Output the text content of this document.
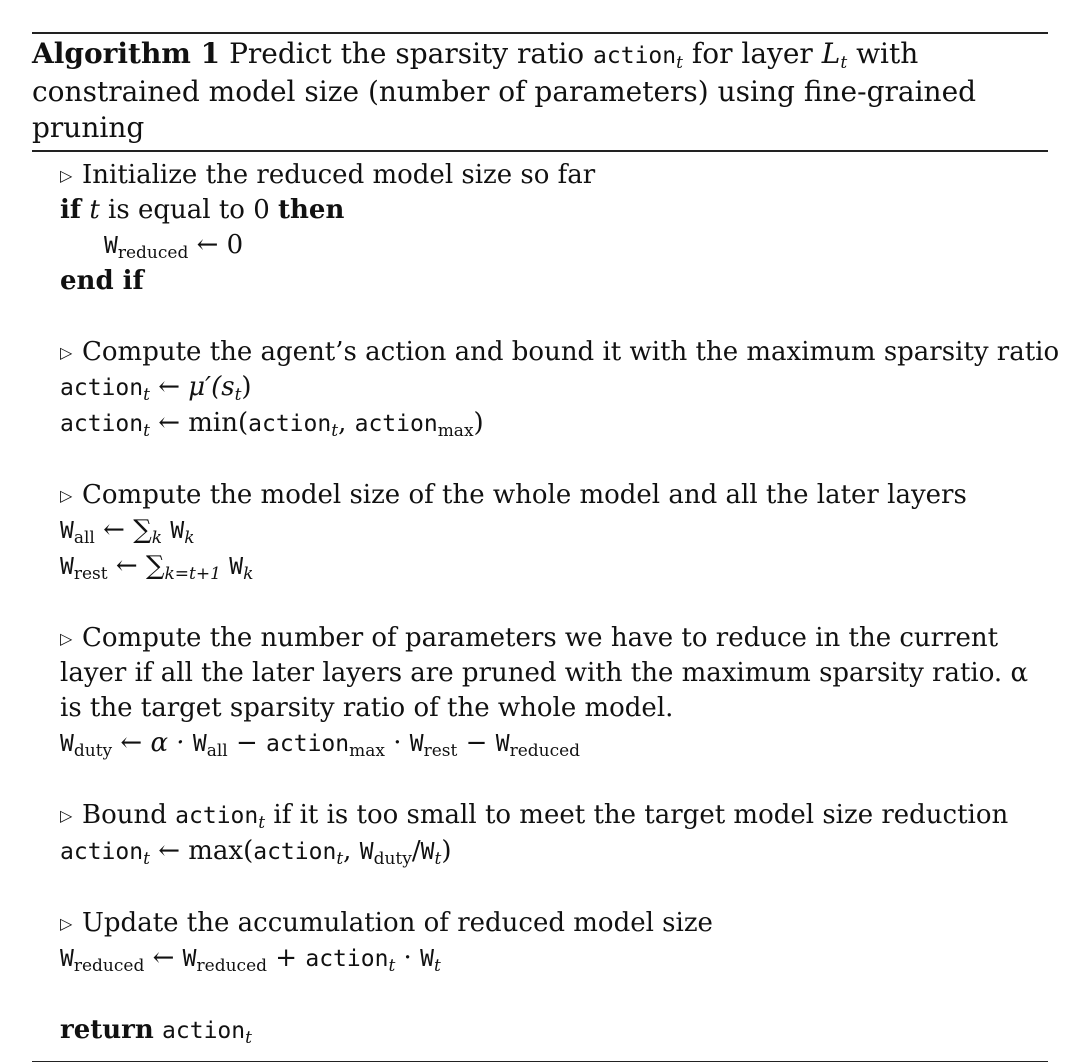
Algorithm 1 Predict the sparsity ratio action$_t$ for layer $L_t$ with constrained model size (number of parameters) using fine-grained pruning
▷ Initialize the reduced model size so far
if t is equal to 0 then
$W_{reduced}$ ← 0
end if
▷ Compute the agent’s action and bound it with the maximum sparsity ratio
action$_t$ ← $\mu'(s_t)$
action$_t$ ← min(action$_t$, action$_{max}$)
▷ Compute the model size of the whole model and all the later layers
$W_{all}$ ← $\sum_k$ $W_k$
$W_{rest}$ ← $\sum_{k=t+1}$ $W_k$
▷ Compute the number of parameters we have to reduce in the current layer if all the later layers are pruned with the maximum sparsity ratio. α is the target sparsity ratio of the whole model.
$W_{duty}$ ← $\alpha \cdot W_{all}$ − action$_{max}$ · $W_{rest} - W_{reduced}$
▷ Bound action$_t$ if it is too small to meet the target model size reduction
action$_t$ ← max(action$_t$, $W_{duty}/W_t$)
▷ Update the accumulation of reduced model size
$W_{reduced}$ ← $W_{reduced}$ + action$_t$ · $W_t$
return action$_t$
